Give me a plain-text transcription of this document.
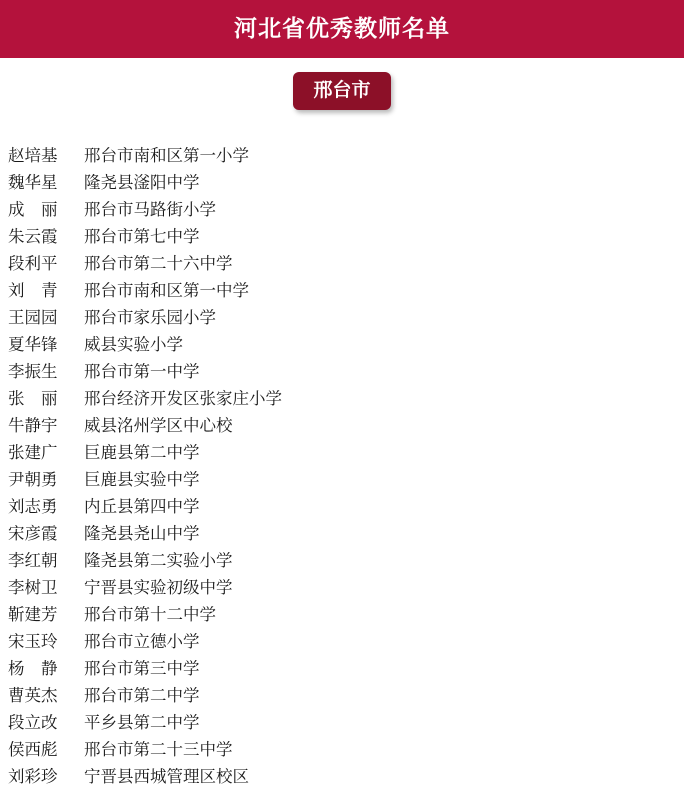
河北省优秀教师名单
邢台市
赵培基	邢台市南和区第一小学
魏华星	隆尧县滏阳中学
成　丽	邢台市马路街小学
朱云霞	邢台市第七中学
段利平	邢台市第二十六中学
刘　青	邢台市南和区第一中学
王园园	邢台市家乐园小学
夏华锋	威县实验小学
李振生	邢台市第一中学
张　丽	邢台经济开发区张家庄小学
牛静宇	威县洺州学区中心校
张建广	巨鹿县第二中学
尹朝勇	巨鹿县实验中学
刘志勇	内丘县第四中学
宋彦霞	隆尧县尧山中学
李红朝	隆尧县第二实验小学
李树卫	宁晋县实验初级中学
靳建芳	邢台市第十二中学
宋玉玲	邢台市立德小学
杨　静	邢台市第三中学
曹英杰	邢台市第二中学
段立改	平乡县第二中学
侯西彪	邢台市第二十三中学
刘彩珍	宁晋县西城管理区校区
